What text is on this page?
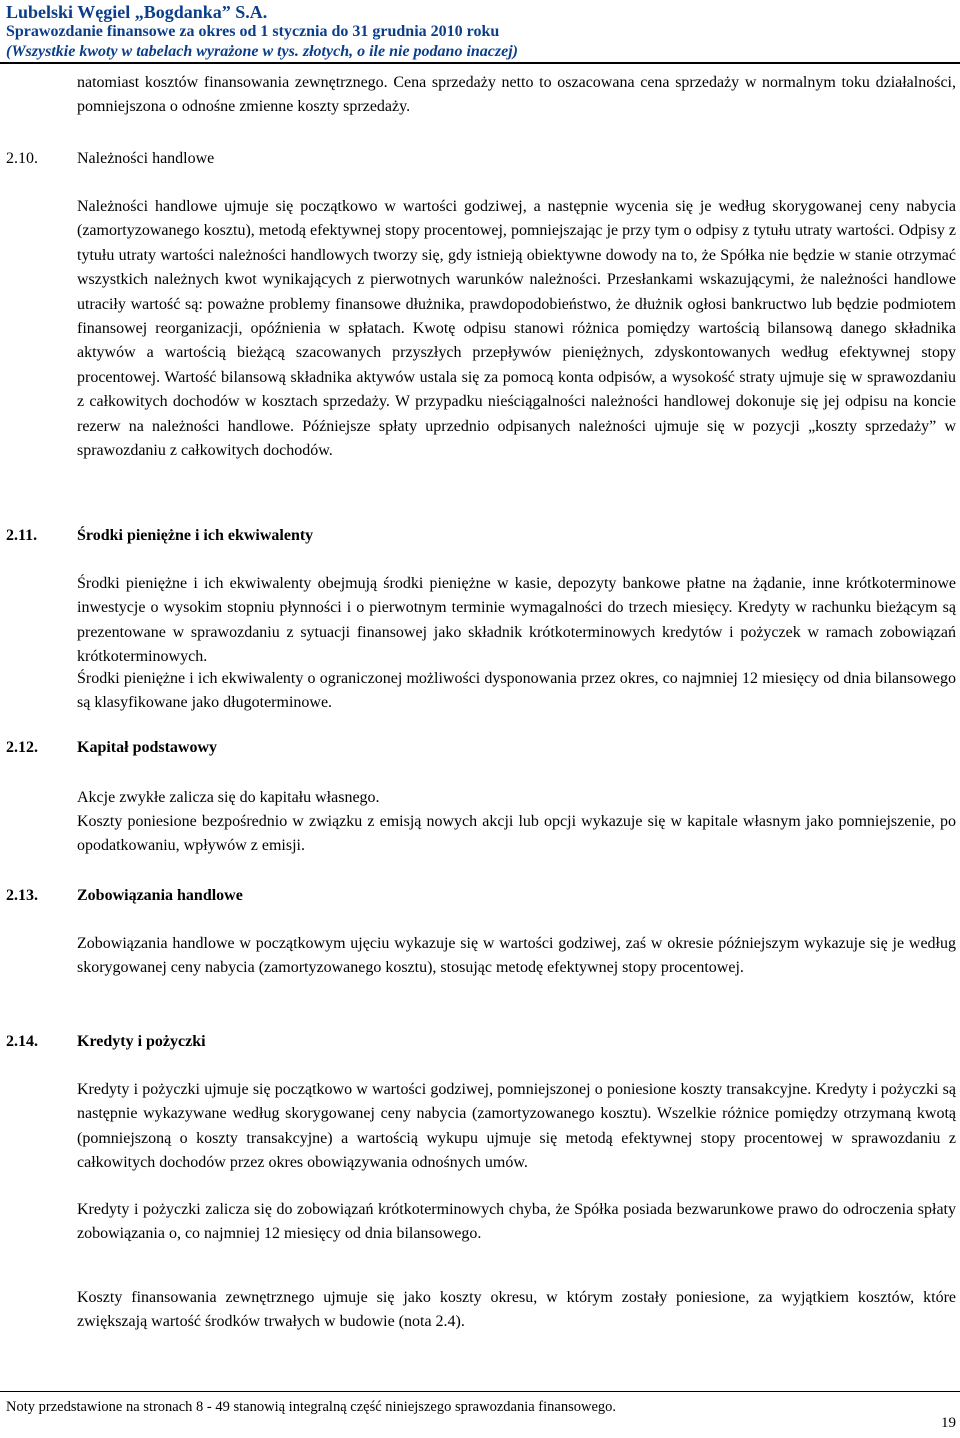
Lubelski Węgiel „Bogdanka” S.A.
Sprawozdanie finansowe za okres od 1 stycznia do 31 grudnia 2010 roku
(Wszystkie kwoty w tabelach wyrażone w tys. złotych, o ile nie podano inaczej)

natomiast kosztów finansowania zewnętrznego. Cena sprzedaży netto to oszacowana cena sprzedaży w normalnym toku działalności, pomniejszona o odnośne zmienne koszty sprzedaży.

2.10. Należności handlowe

Należności handlowe ujmuje się początkowo w wartości godziwej, a następnie wycenia się je według skorygowanej ceny nabycia (zamortyzowanego kosztu), metodą efektywnej stopy procentowej, pomniejszając je przy tym o odpisy z tytułu utraty wartości. Odpisy z tytułu utraty wartości należności handlowych tworzy się, gdy istnieją obiektywne dowody na to, że Spółka nie będzie w stanie otrzymać wszystkich należnych kwot wynikających z pierwotnych warunków należności. Przesłankami wskazującymi, że należności handlowe utraciły wartość są: poważne problemy finansowe dłużnika, prawdopodobieństwo, że dłużnik ogłosi bankructwo lub będzie podmiotem finansowej reorganizacji, opóźnienia w spłatach. Kwotę odpisu stanowi różnica pomiędzy wartością bilansową danego składnika aktywów a wartością bieżącą szacowanych przyszłych przepływów pieniężnych, zdyskontowanych według efektywnej stopy procentowej. Wartość bilansową składnika aktywów ustala się za pomocą konta odpisów, a wysokość straty ujmuje się w sprawozdaniu z całkowitych dochodów w kosztach sprzedaży. W przypadku nieściągalności należności handlowej dokonuje się jej odpisu na koncie rezerw na należności handlowe. Późniejsze spłaty uprzednio odpisanych należności ujmuje się w pozycji „koszty sprzedaży” w sprawozdaniu z całkowitych dochodów.

2.11. Środki pieniężne i ich ekwiwalenty

Środki pieniężne i ich ekwiwalenty obejmują środki pieniężne w kasie, depozyty bankowe płatne na żądanie, inne krótkoterminowe inwestycje o wysokim stopniu płynności i o pierwotnym terminie wymagalności do trzech miesięcy. Kredyty w rachunku bieżącym są prezentowane w sprawozdaniu z sytuacji finansowej jako składnik krótkoterminowych kredytów i pożyczek w ramach zobowiązań krótkoterminowych.

Środki pieniężne i ich ekwiwalenty o ograniczonej możliwości dysponowania przez okres, co najmniej 12 miesięcy od dnia bilansowego są klasyfikowane jako długoterminowe.

2.12. Kapitał podstawowy

Akcje zwykłe zalicza się do kapitału własnego.

Koszty poniesione bezpośrednio w związku z emisją nowych akcji lub opcji wykazuje się w kapitale własnym jako pomniejszenie, po opodatkowaniu, wpływów z emisji.

2.13. Zobowiązania handlowe

Zobowiązania handlowe w początkowym ujęciu wykazuje się w wartości godziwej, zaś w okresie późniejszym wykazuje się je według skorygowanej ceny nabycia (zamortyzowanego kosztu), stosując metodę efektywnej stopy procentowej.

2.14. Kredyty i pożyczki

Kredyty i pożyczki ujmuje się początkowo w wartości godziwej, pomniejszonej o poniesione koszty transakcyjne. Kredyty i pożyczki są następnie wykazywane według skorygowanej ceny nabycia (zamortyzowanego kosztu). Wszelkie różnice pomiędzy otrzymaną kwotą (pomniejszoną o koszty transakcyjne) a wartością wykupu ujmuje się metodą efektywnej stopy procentowej w sprawozdaniu z całkowitych dochodów przez okres obowiązywania odnośnych umów.

Kredyty i pożyczki zalicza się do zobowiązań krótkoterminowych chyba, że Spółka posiada bezwarunkowe prawo do odroczenia spłaty zobowiązania o, co najmniej 12 miesięcy od dnia bilansowego.

Koszty finansowania zewnętrznego ujmuje się jako koszty okresu, w którym zostały poniesione, za wyjątkiem kosztów, które zwiększają wartość środków trwałych w budowie (nota 2.4).

Noty przedstawione na stronach 8 - 49 stanowią integralną część niniejszego sprawozdania finansowego.
19
